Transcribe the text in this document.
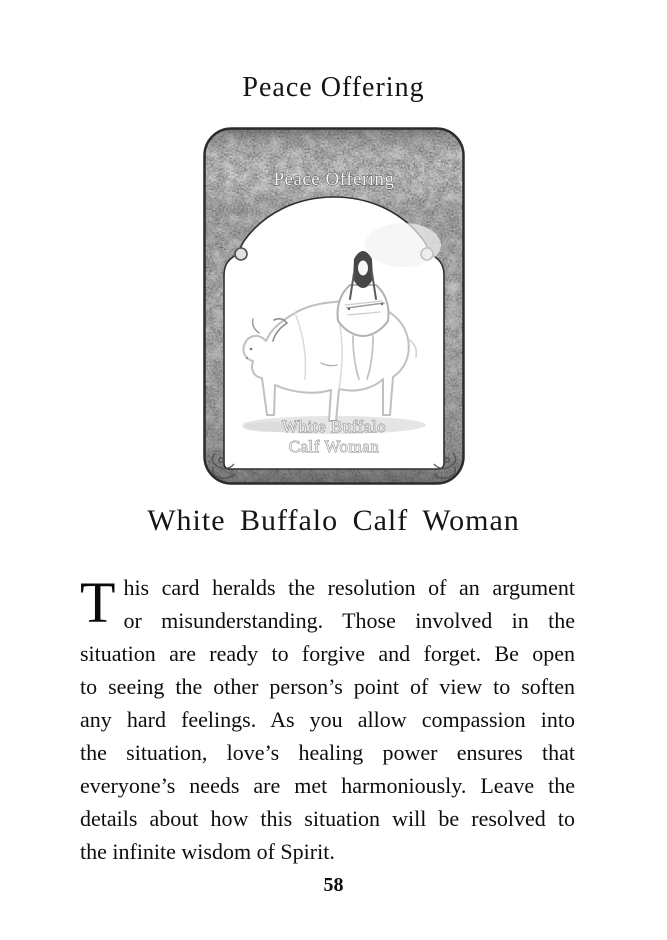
Peace Offering
Peace Offering
White Buffalo
Calf Woman
White Buffalo Calf Woman
T his card heralds the resolution of an argument
or misunderstanding. Those involved in the
situation are ready to forgive and forget. Be open
to seeing the other person’s point of view to soften
any hard feelings. As you allow compassion into
the situation, love’s healing power ensures that
everyone’s needs are met harmoniously. Leave the
details about how this situation will be resolved to
the infinite wisdom of Spirit.
58
